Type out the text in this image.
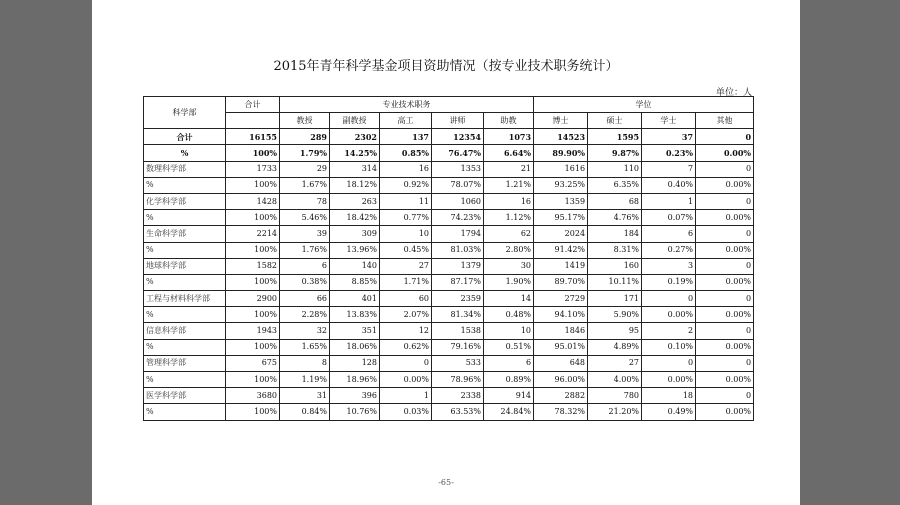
2015年青年科学基金项目资助情况（按专业技术职务统计）
单位：人
科学部	合计	专业技术职务					学位			
		教授	副教授	高工	讲师	助教	博士	硕士	学士	其他
合计	16155	289	2302	137	12354	1073	14523	1595	37	0
%	100%	1.79%	14.25%	0.85%	76.47%	6.64%	89.90%	9.87%	0.23%	0.00%
数理科学部	1733	29	314	16	1353	21	1616	110	7	0
%	100%	1.67%	18.12%	0.92%	78.07%	1.21%	93.25%	6.35%	0.40%	0.00%
化学科学部	1428	78	263	11	1060	16	1359	68	1	0
%	100%	5.46%	18.42%	0.77%	74.23%	1.12%	95.17%	4.76%	0.07%	0.00%
生命科学部	2214	39	309	10	1794	62	2024	184	6	0
%	100%	1.76%	13.96%	0.45%	81.03%	2.80%	91.42%	8.31%	0.27%	0.00%
地球科学部	1582	6	140	27	1379	30	1419	160	3	0
%	100%	0.38%	8.85%	1.71%	87.17%	1.90%	89.70%	10.11%	0.19%	0.00%
工程与材料科学部	2900	66	401	60	2359	14	2729	171	0	0
%	100%	2.28%	13.83%	2.07%	81.34%	0.48%	94.10%	5.90%	0.00%	0.00%
信息科学部	1943	32	351	12	1538	10	1846	95	2	0
%	100%	1.65%	18.06%	0.62%	79.16%	0.51%	95.01%	4.89%	0.10%	0.00%
管理科学部	675	8	128	0	533	6	648	27	0	0
%	100%	1.19%	18.96%	0.00%	78.96%	0.89%	96.00%	4.00%	0.00%	0.00%
医学科学部	3680	31	396	1	2338	914	2882	780	18	0
%	100%	0.84%	10.76%	0.03%	63.53%	24.84%	78.32%	21.20%	0.49%	0.00%
-65-
